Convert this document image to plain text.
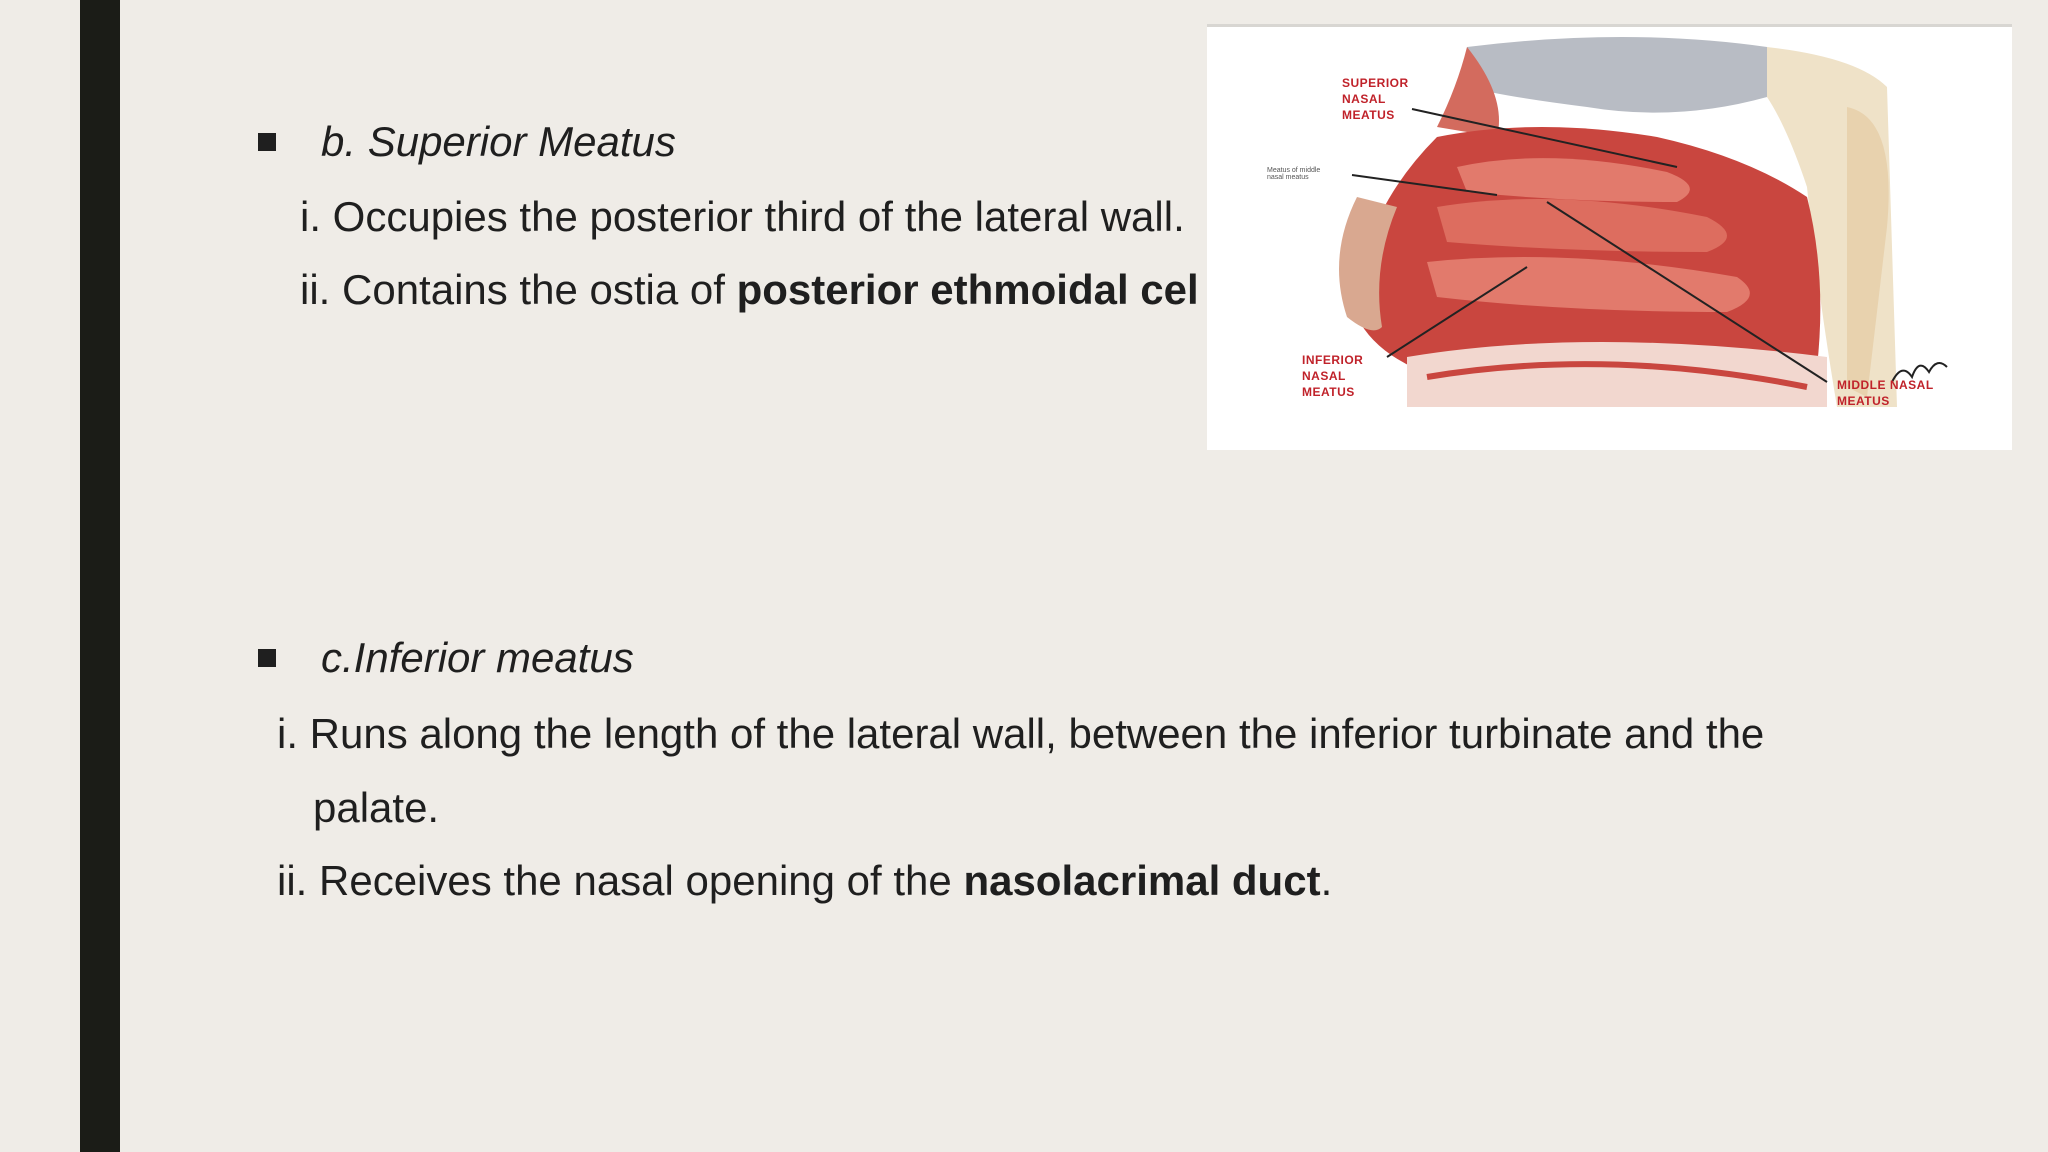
b. Superior Meatus
i. Occupies the posterior third of the lateral wall.
ii. Contains the ostia of posterior ethmoidal cel
SUPERIOR
NASAL
MEATUS
Meatus of middle
nasal meatus
INFERIOR
NASAL
MEATUS	MIDDLE NASAL
MEATUS
c.Inferior meatus
i. Runs along the length of the lateral wall, between the inferior turbinate and the
palate.
ii. Receives the nasal opening of the nasolacrimal duct.
